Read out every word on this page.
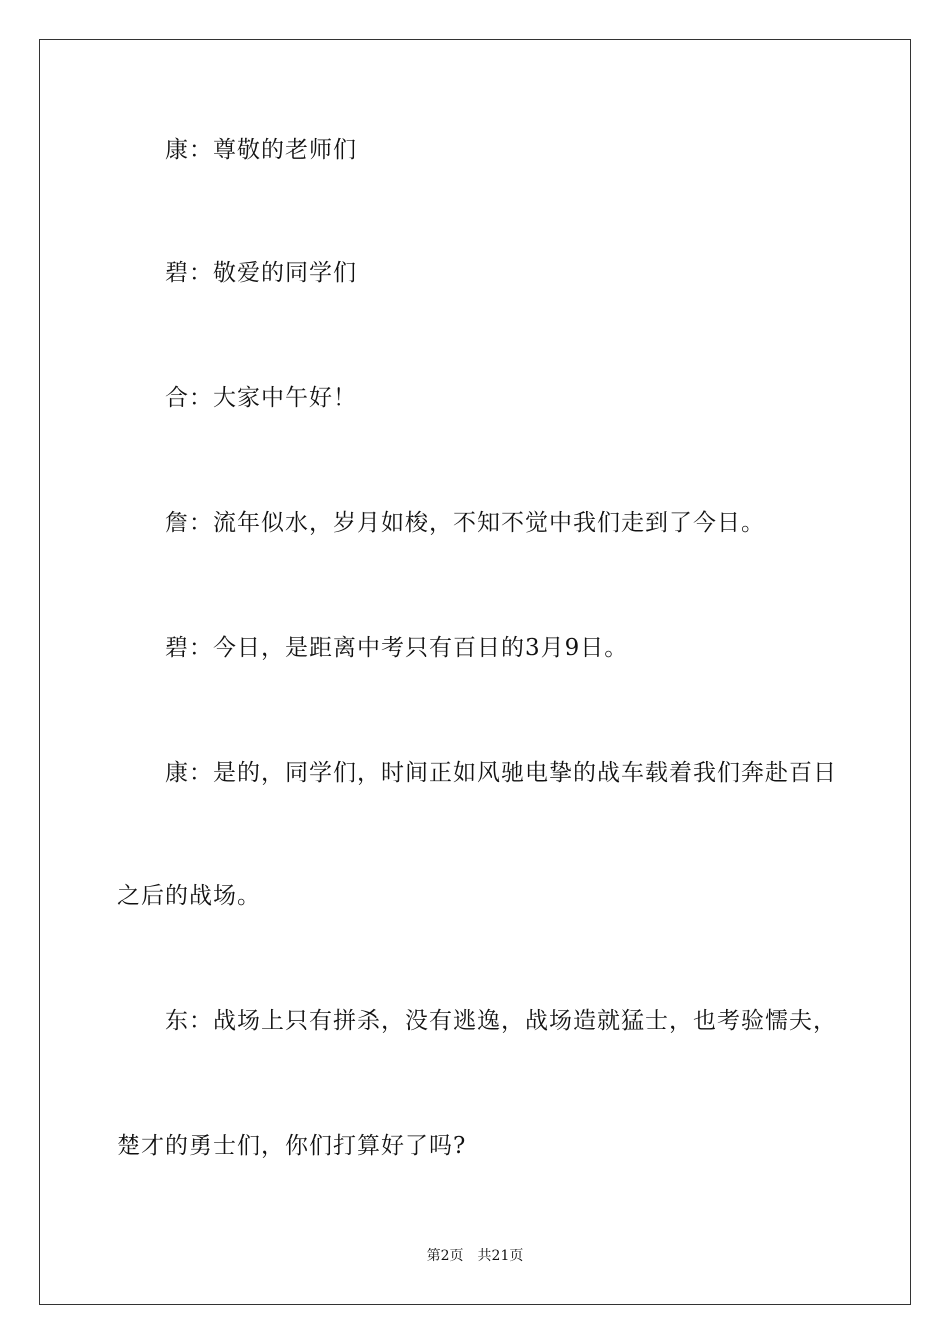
康：尊敬的老师们
碧：敬爱的同学们
合：大家中午好！
詹：流年似水，岁月如梭，不知不觉中我们走到了今日。
碧：今日，是距离中考只有百日的3月9日。
康：是的，同学们，时间正如风驰电挚的战车载着我们奔赴百日
之后的战场。
东：战场上只有拼杀，没有逃逸，战场造就猛士，也考验懦夫，
楚才的勇士们，你们打算好了吗?
第2页 共21页
